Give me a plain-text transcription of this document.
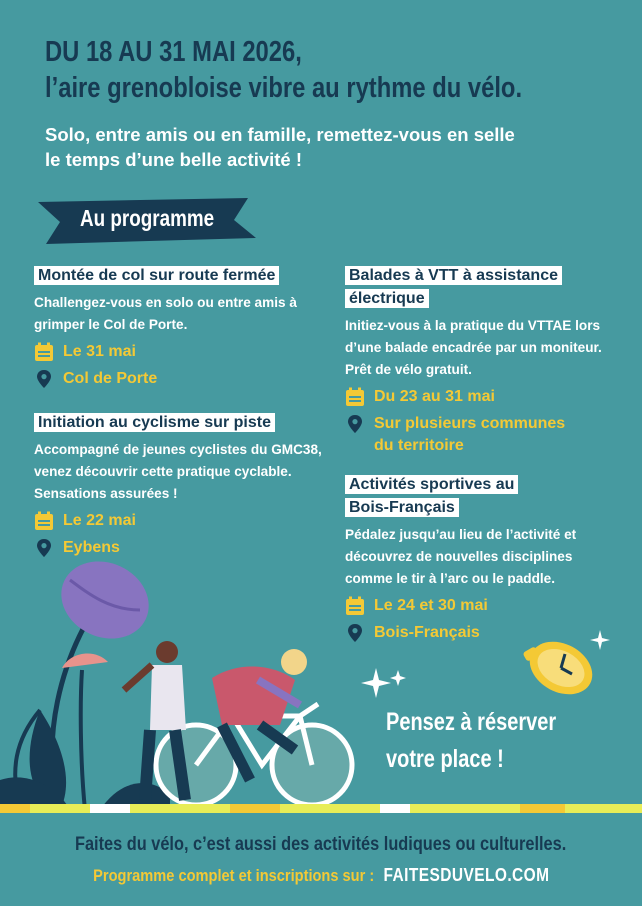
DU 18 AU 31 MAI 2026,
l’aire grenobloise vibre au rythme du vélo.
Solo, entre amis ou en famille, remettez-vous en selle
le temps d’une belle activité !
Au programme
Montée de col sur route fermée
Challengez-vous en solo ou entre amis à grimper le Col de Porte.
Le 31 mai
Col de Porte
Initiation au cyclisme sur piste
Accompagné de jeunes cyclistes du GMC38, venez découvrir cette pratique cyclable. Sensations assurées !
Le 22 mai
Eybens
Balades à VTT à assistance électrique
Initiez-vous à la pratique du VTTAE lors d’une balade encadrée par un moniteur. Prêt de vélo gratuit.
Du 23 au 31 mai
Sur plusieurs communes
du territoire
Activités sportives au Bois-Français
Pédalez jusqu’au lieu de l’activité et découvrez de nouvelles disciplines comme le tir à l’arc ou le paddle.
Le 24 et 30 mai
Bois-Français
Pensez à réserver
votre place !
Faites du vélo, c’est aussi des activités ludiques ou culturelles.
Programme complet et inscriptions sur : FAITESDUVELO.COM
